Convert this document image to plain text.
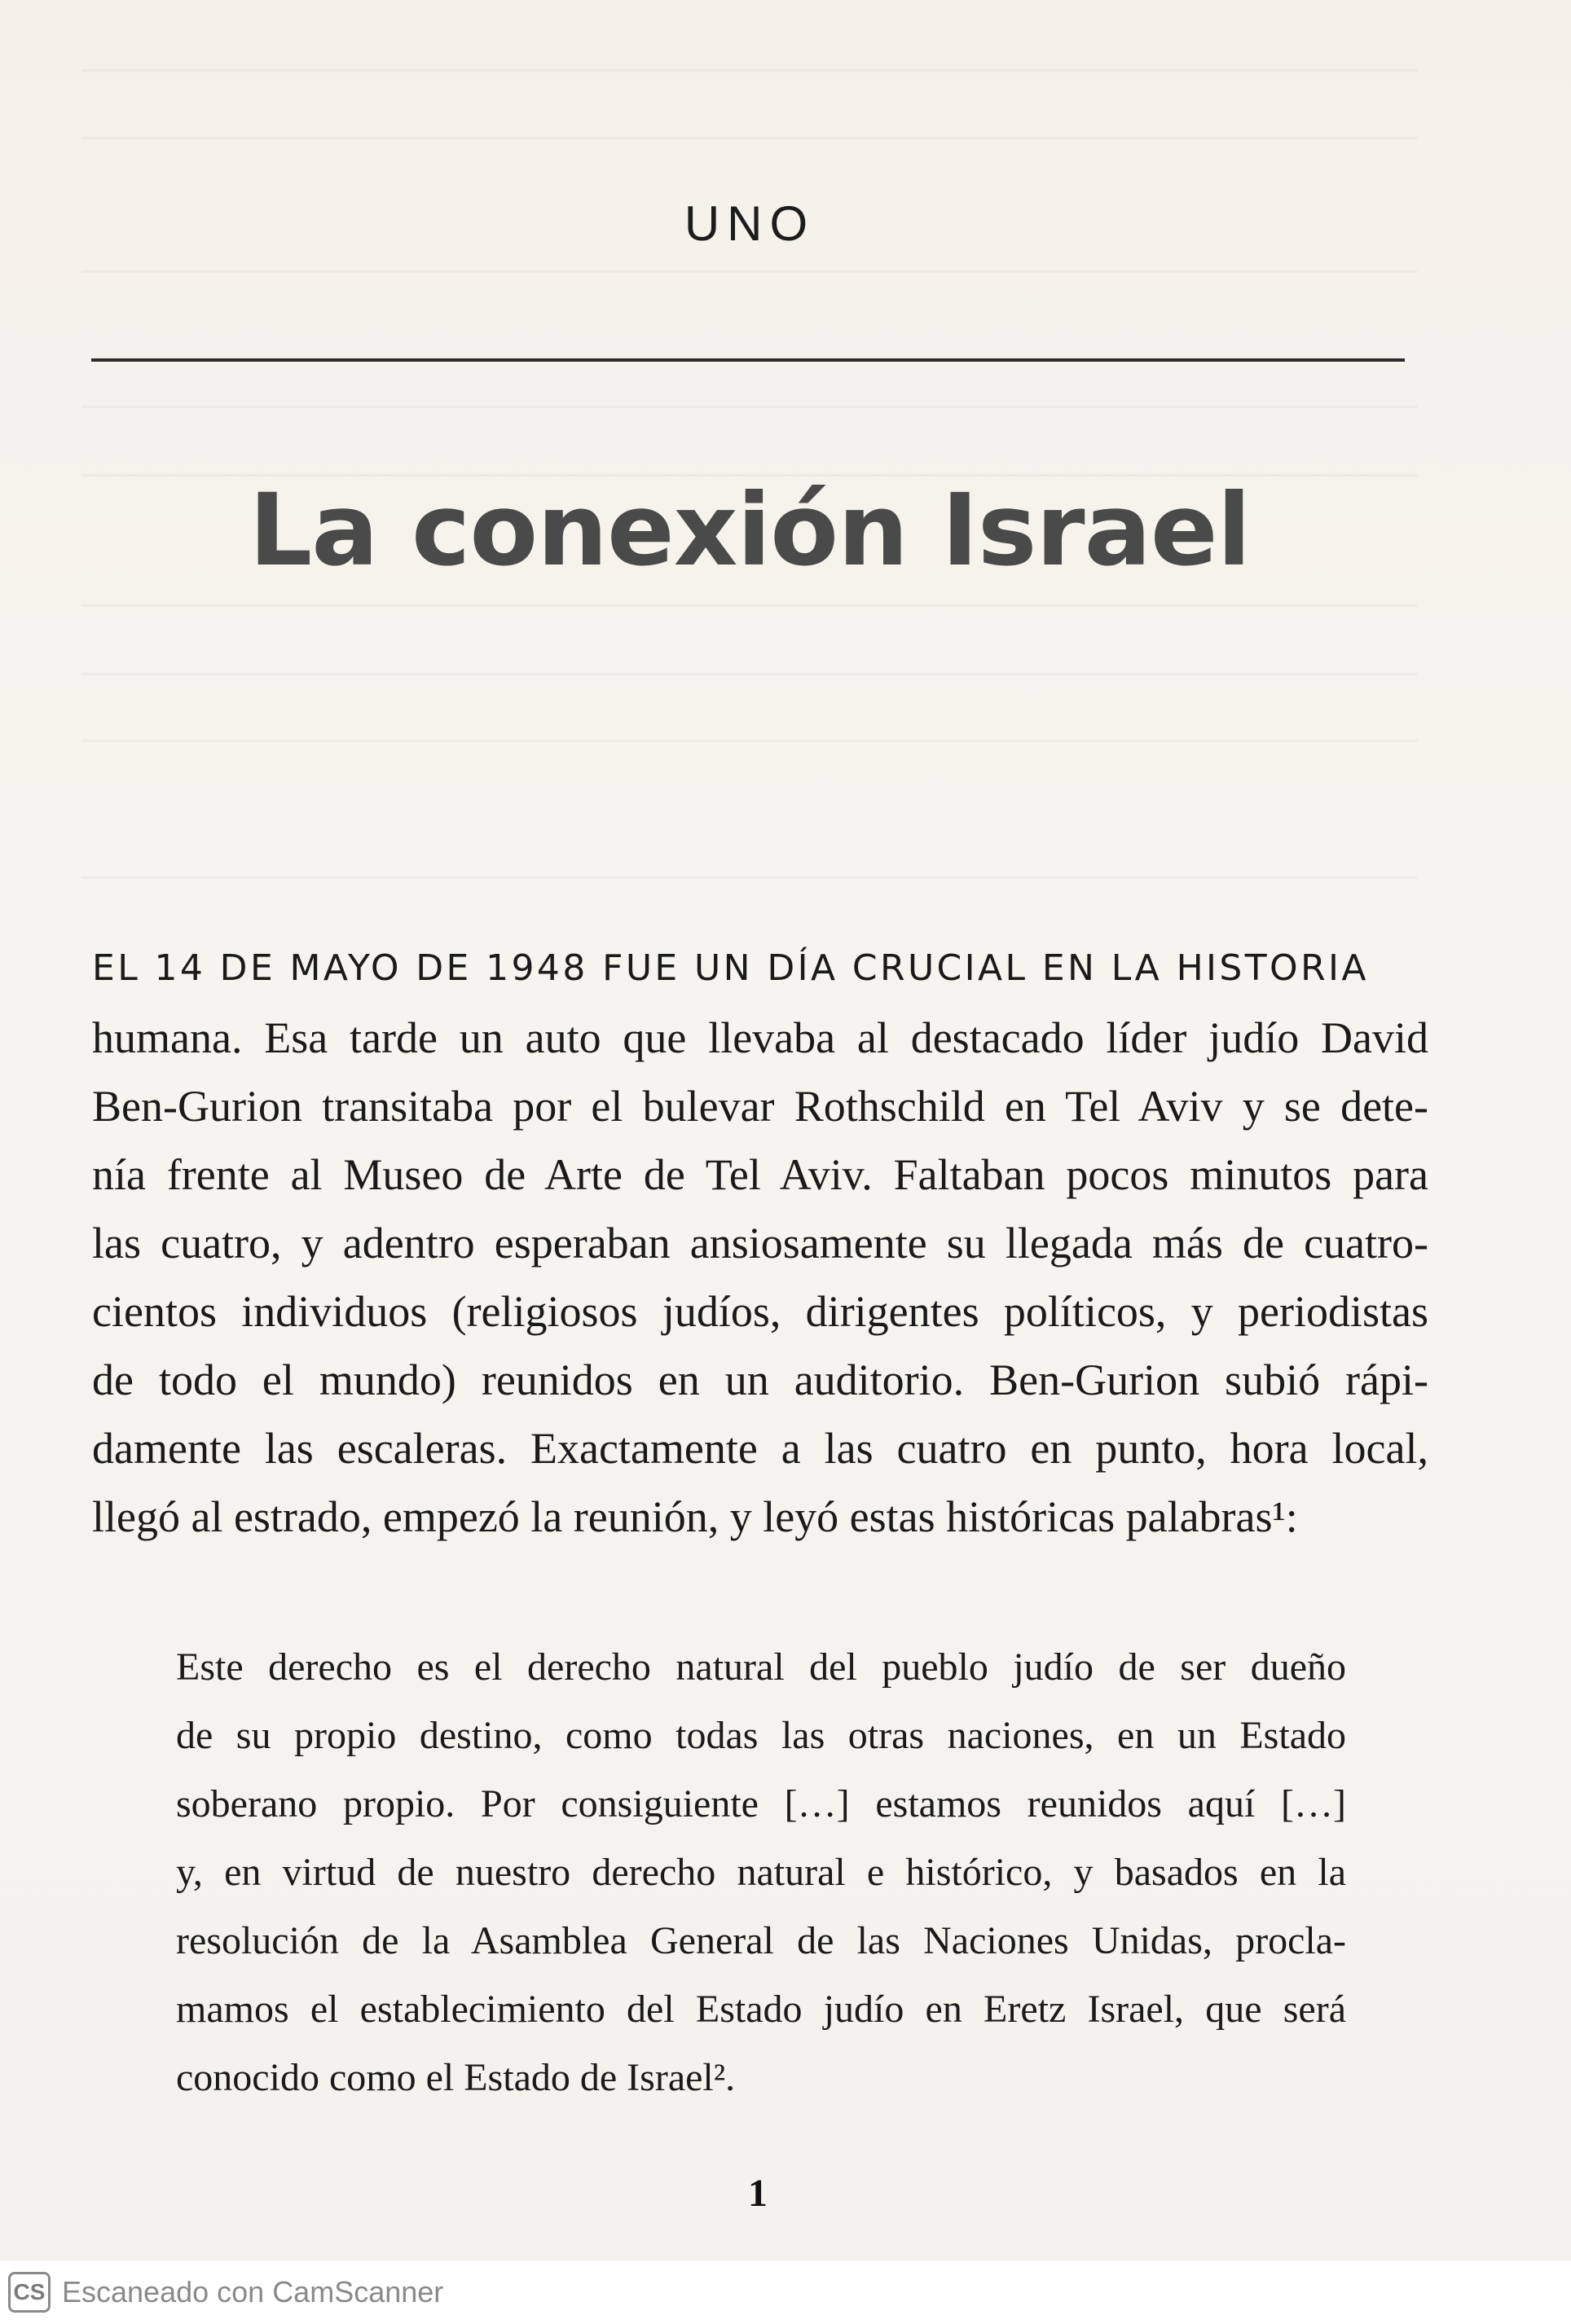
UNO
La conexión Israel
EL 14 DE MAYO DE 1948 FUE UN DÍA CRUCIAL EN LA HISTORIA
humana. Esa tarde un auto que llevaba al destacado líder judío David
Ben-Gurion transitaba por el bulevar Rothschild en Tel Aviv y se dete-
nía frente al Museo de Arte de Tel Aviv. Faltaban pocos minutos para
las cuatro, y adentro esperaban ansiosamente su llegada más de cuatro-
cientos individuos (religiosos judíos, dirigentes políticos, y periodistas
de todo el mundo) reunidos en un auditorio. Ben-Gurion subió rápi-
damente las escaleras. Exactamente a las cuatro en punto, hora local,
llegó al estrado, empezó la reunión, y leyó estas históricas palabras¹:
Este derecho es el derecho natural del pueblo judío de ser dueño
de su propio destino, como todas las otras naciones, en un Estado
soberano propio. Por consiguiente […] estamos reunidos aquí […]
y, en virtud de nuestro derecho natural e histórico, y basados en la
resolución de la Asamblea General de las Naciones Unidas, procla-
mamos el establecimiento del Estado judío en Eretz Israel, que será
conocido como el Estado de Israel².
1
CS Escaneado con CamScanner
